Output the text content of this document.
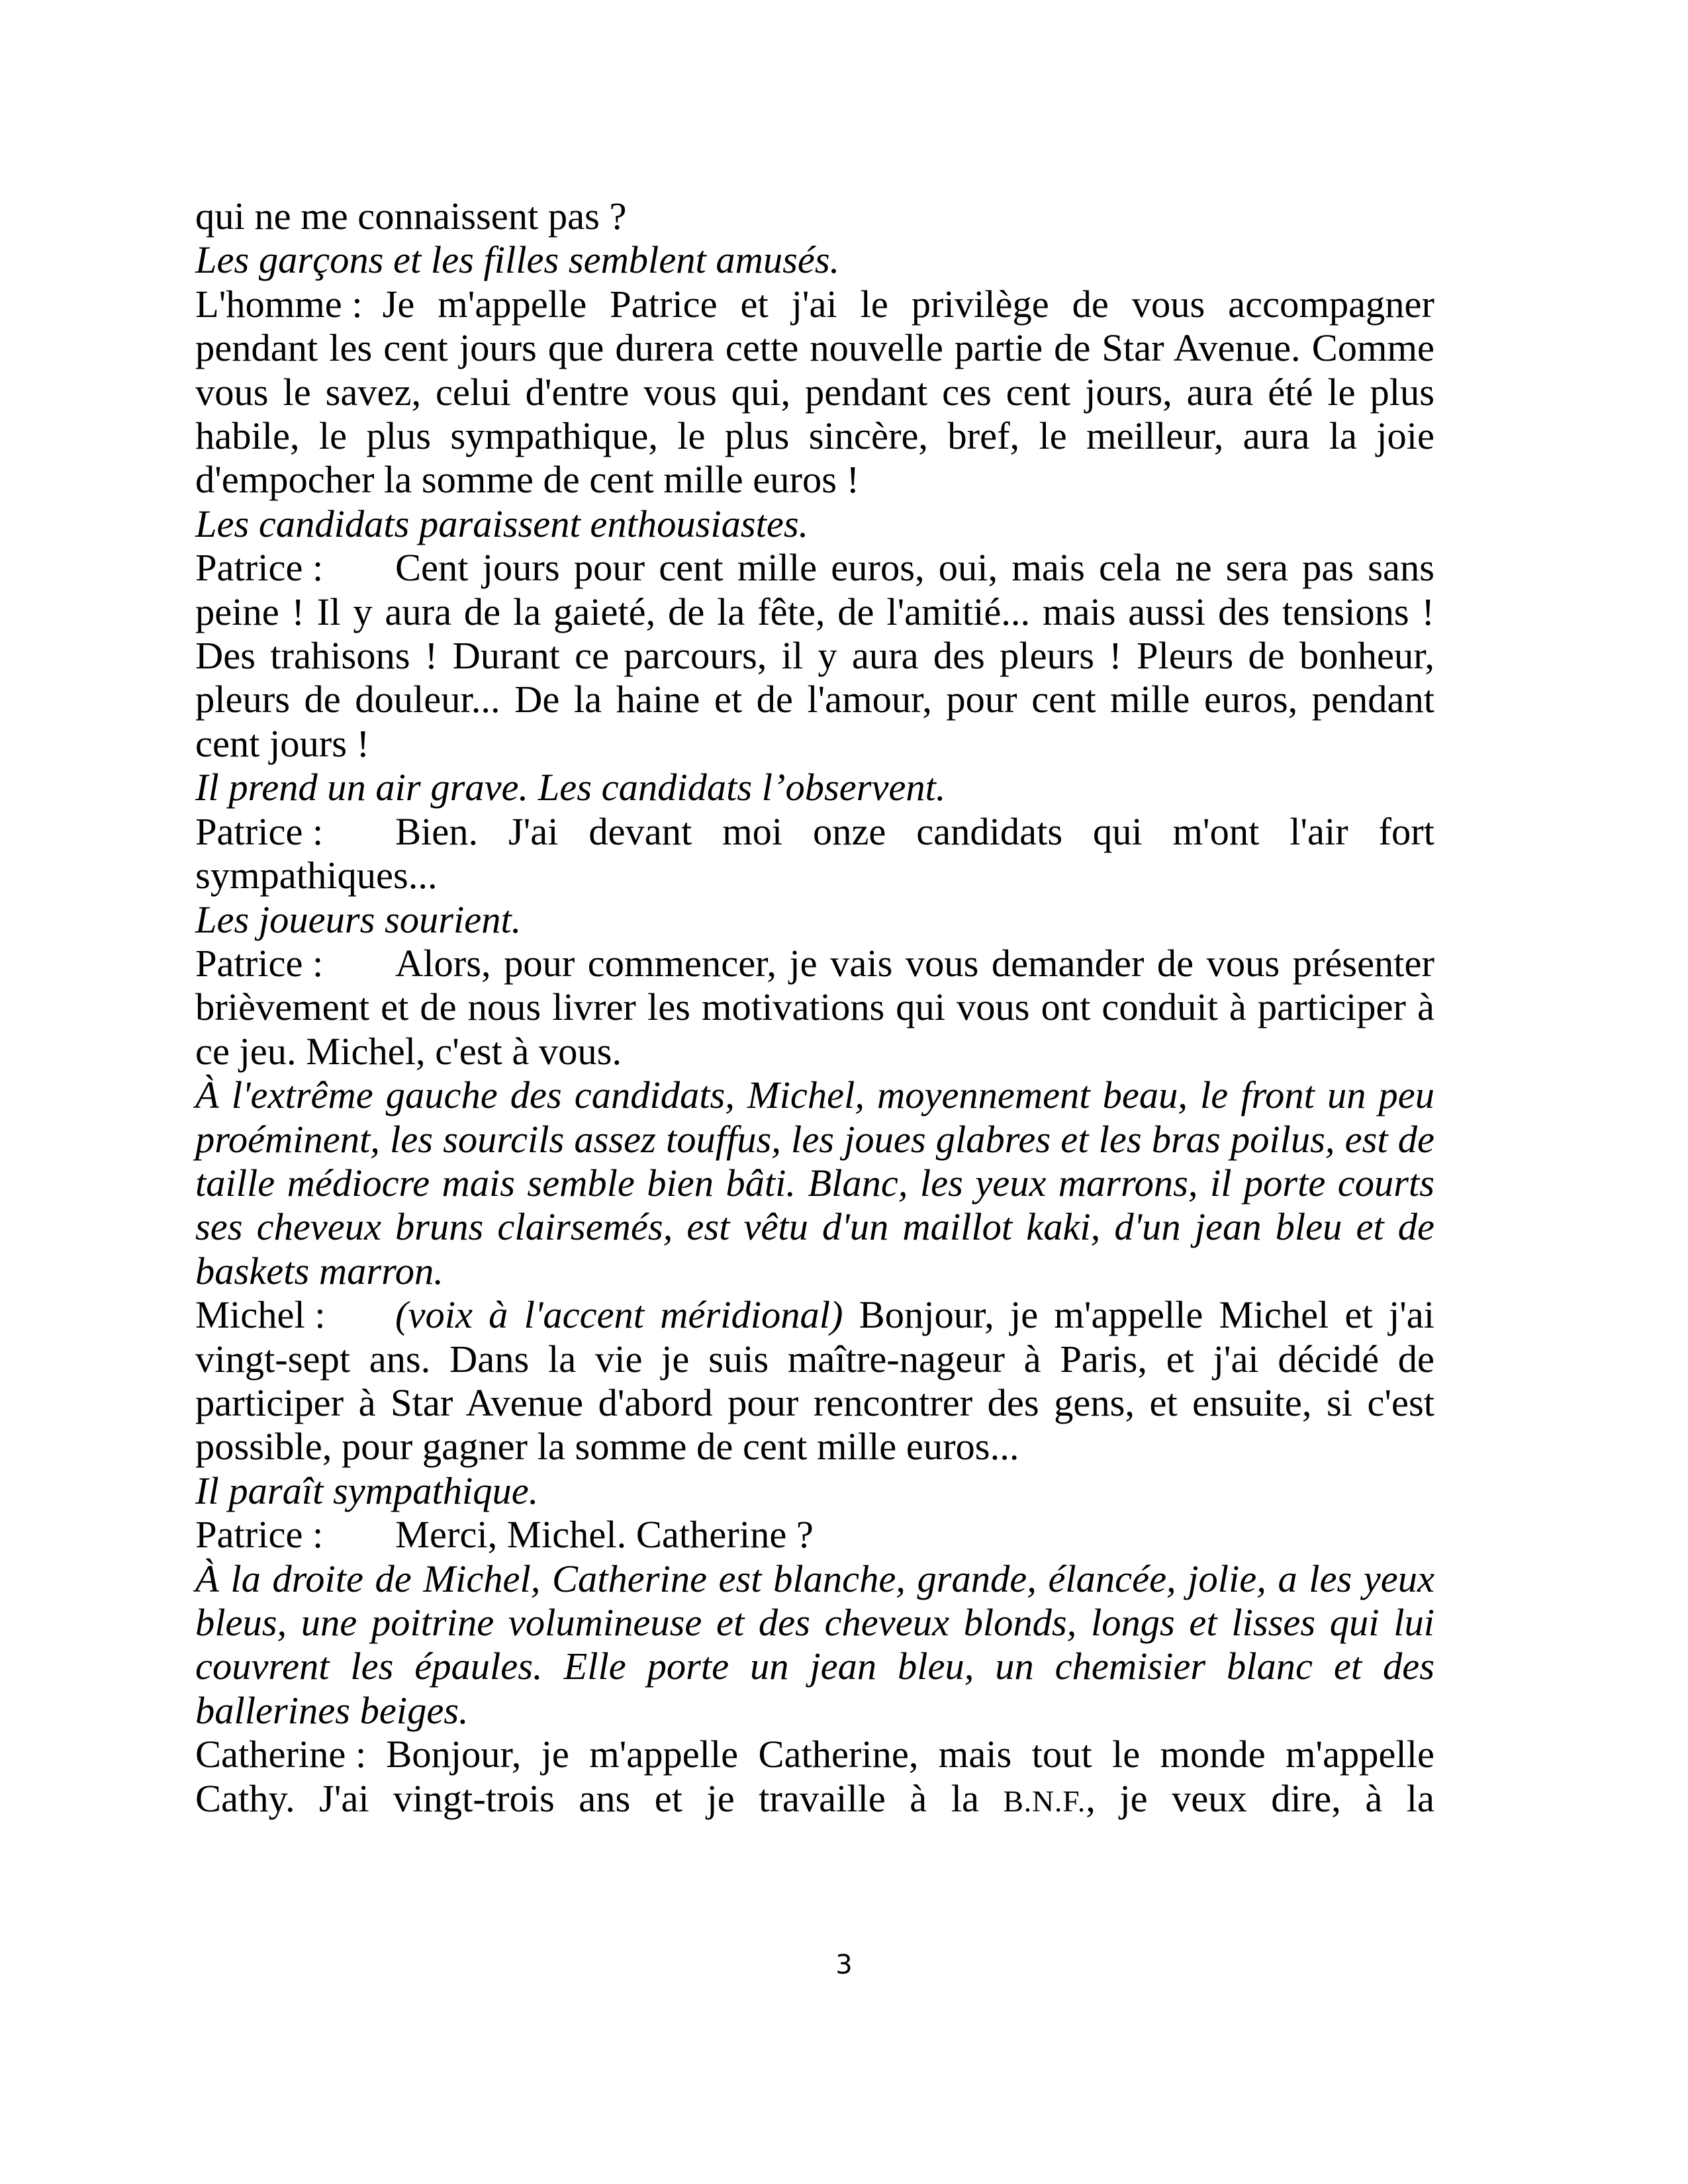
qui ne me connaissent pas ?

Les garçons et les filles semblent amusés.

L'homme : Je m'appelle Patrice et j'ai le privilège de vous accompagner pendant les cent jours que durera cette nouvelle partie de Star Avenue. Comme vous le savez, celui d'entre vous qui, pendant ces cent jours, aura été le plus habile, le plus sympathique, le plus sincère, bref, le meilleur, aura la joie d'empocher la somme de cent mille euros !

Les candidats paraissent enthousiastes.

Patrice : Cent jours pour cent mille euros, oui, mais cela ne sera pas sans peine ! Il y aura de la gaieté, de la fête, de l'amitié... mais aussi des tensions ! Des trahisons ! Durant ce parcours, il y aura des pleurs ! Pleurs de bonheur, pleurs de douleur... De la haine et de l'amour, pour cent mille euros, pendant cent jours !

Il prend un air grave. Les candidats l’observent.

Patrice : Bien. J'ai devant moi onze candidats qui m'ont l'air fort sympathiques...

Les joueurs sourient.

Patrice : Alors, pour commencer, je vais vous demander de vous présenter brièvement et de nous livrer les motivations qui vous ont conduit à participer à ce jeu. Michel, c'est à vous.

À l'extrême gauche des candidats, Michel, moyennement beau, le front un peu proéminent, les sourcils assez touffus, les joues glabres et les bras poilus, est de taille médiocre mais semble bien bâti. Blanc, les yeux marrons, il porte courts ses cheveux bruns clairsemés, est vêtu d'un maillot kaki, d'un jean bleu et de baskets marron.

Michel : (voix à l'accent méridional) Bonjour, je m'appelle Michel et j'ai vingt-sept ans. Dans la vie je suis maître-nageur à Paris, et j'ai décidé de participer à Star Avenue d'abord pour rencontrer des gens, et ensuite, si c'est possible, pour gagner la somme de cent mille euros...

Il paraît sympathique.

Patrice : Merci, Michel. Catherine ?

À la droite de Michel, Catherine est blanche, grande, élancée, jolie, a les yeux bleus, une poitrine volumineuse et des cheveux blonds, longs et lisses qui lui couvrent les épaules. Elle porte un jean bleu, un chemisier blanc et des ballerines beiges.

Catherine : Bonjour, je m'appelle Catherine, mais tout le monde m'appelle Cathy. J'ai vingt-trois ans et je travaille à la B.N.F., je veux dire, à la

3
